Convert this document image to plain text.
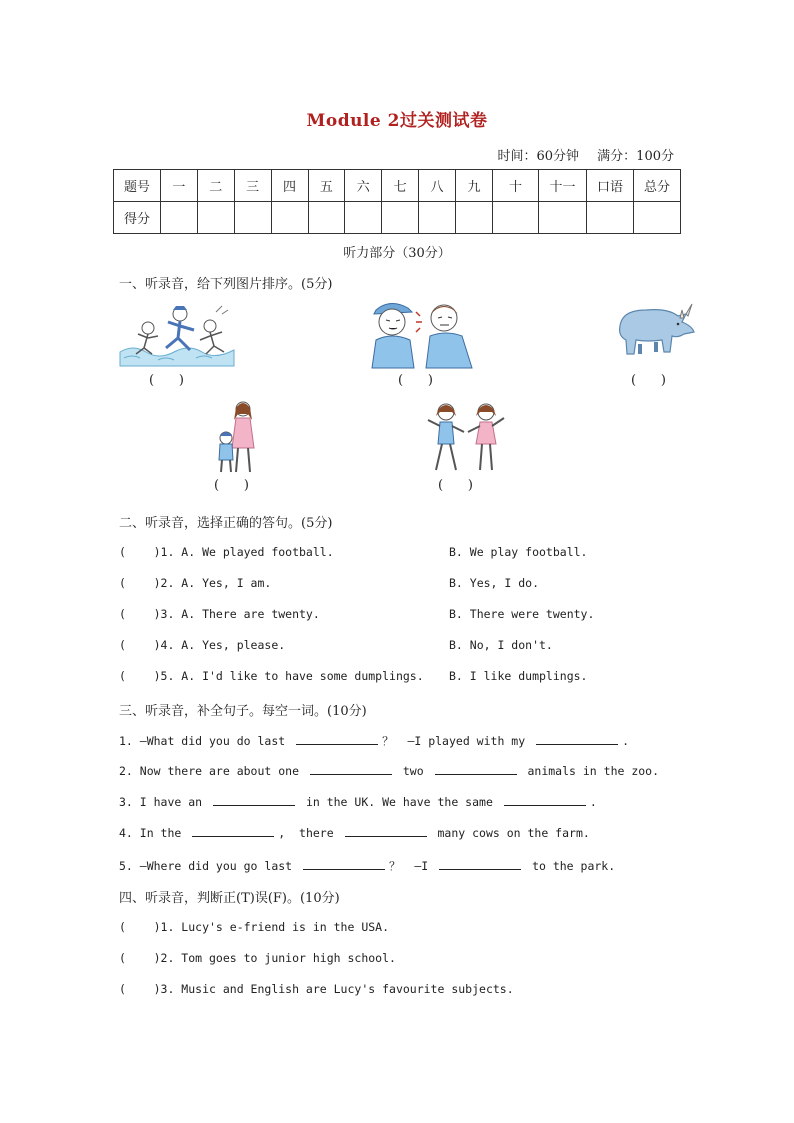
Module 2过关测试卷
时间：60分钟 满分：100分
题号	一	二	三	四	五	六	七	八	九	十	十一	口语	总分
得分													
听力部分（30分）
一、听录音，给下列图片排序。(5分)
(      )	(      )	(      )
(      )	(      )
二、听录音，选择正确的答句。(5分)
(    )1. A. We played football.	B. We play football.
(    )2. A. Yes, I am.	B. Yes, I do.
(    )3. A. There are twenty.	B. There were twenty.
(    )4. A. Yes, please.	B. No, I don't.
(    )5. A. I'd like to have some dumplings. B. I like dumplings.
三、听录音，补全句子。每空一词。(10分)
1. —What did you do last	？  —I played with my	.
2. Now there are about one	two	animals in the zoo.
3. I have an	in the UK. We have the same	.
4. In the	,  there	many cows on the farm.
5. —Where did you go last	？  —I	to the park.
四、听录音，判断正(T)误(F)。(10分)
(    )1. Lucy's e-friend is in the USA.
(    )2. Tom goes to junior high school.
(    )3. Music and English are Lucy's favourite subjects.
